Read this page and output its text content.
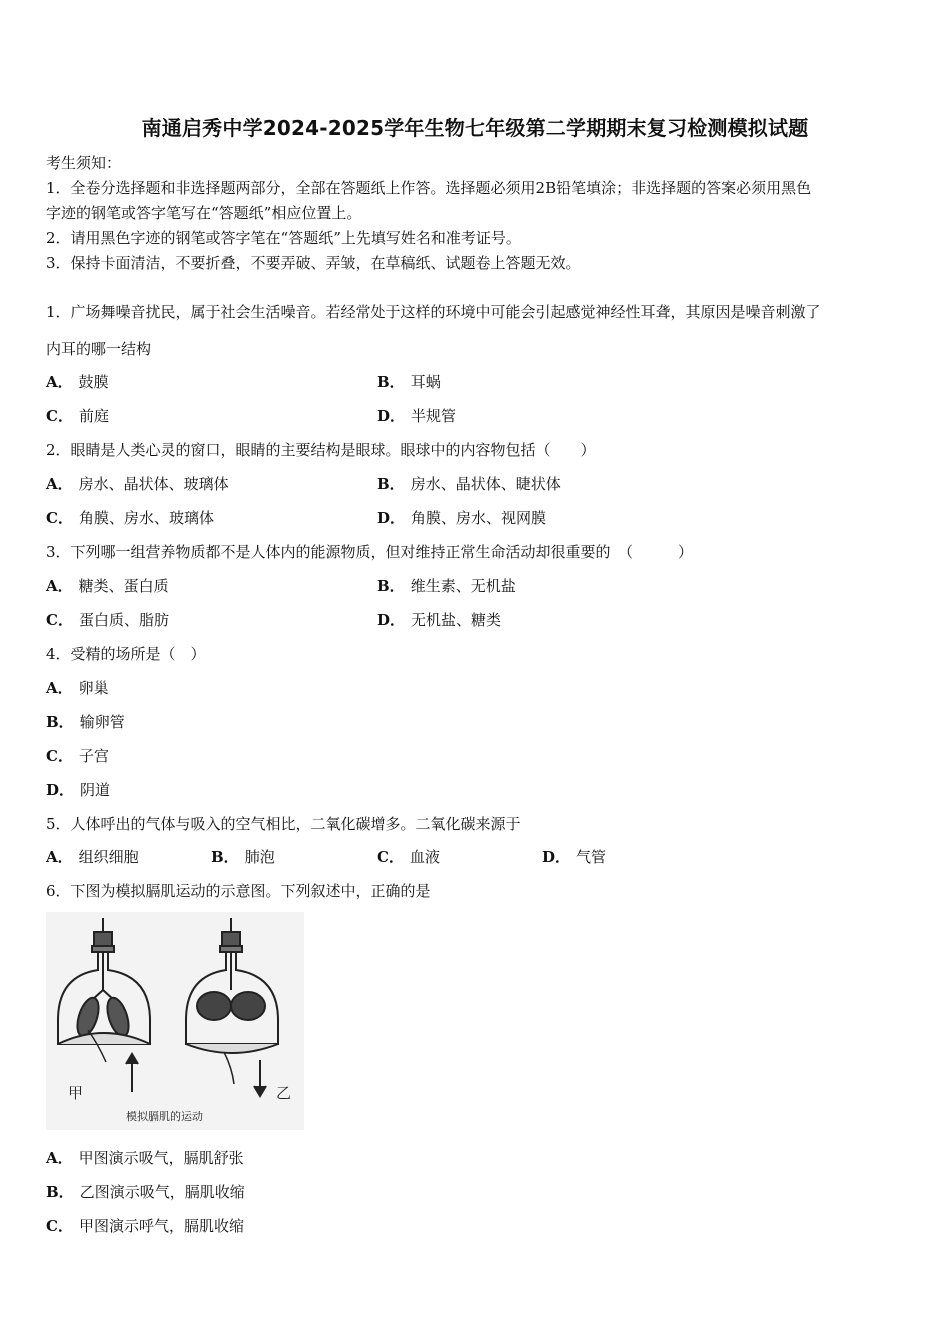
南通启秀中学2024-2025学年生物七年级第二学期期末复习检测模拟试题
考生须知：
1．全卷分选择题和非选择题两部分，全部在答题纸上作答。选择题必须用2B铅笔填涂；非选择题的答案必须用黑色
字迹的钢笔或答字笔写在“答题纸”相应位置上。
2．请用黑色字迹的钢笔或答字笔在“答题纸”上先填写姓名和准考证号。
3．保持卡面清洁，不要折叠，不要弄破、弄皱，在草稿纸、试题卷上答题无效。
1．广场舞噪音扰民，属于社会生活噪音。若经常处于这样的环境中可能会引起感觉神经性耳聋，其原因是噪音刺激了
内耳的哪一结构
A． 鼓膜	B． 耳蜗
C． 前庭	D． 半规管
2．眼睛是人类心灵的窗口，眼睛的主要结构是眼球。眼球中的内容物包括（　　）
A． 房水、晶状体、玻璃体	B． 房水、晶状体、睫状体
C． 角膜、房水、玻璃体	D． 角膜、房水、视网膜
3．下列哪一组营养物质都不是人体内的能源物质，但对维持正常生命活动却很重要的　（　　　）
A． 糖类、蛋白质	B． 维生素、无机盐
C． 蛋白质、脂肪	D． 无机盐、糖类
4．受精的场所是（　）
A． 卵巢
B． 输卵管
C． 子宫
D． 阴道
5．人体呼出的气体与吸入的空气相比，二氧化碳增多。二氧化碳来源于
A． 组织细胞	B． 肺泡	C． 血液	D． 气管
6．下图为模拟膈肌运动的示意图。下列叙述中，正确的是
甲	乙
模拟膈肌的运动
A． 甲图演示吸气，膈肌舒张
B． 乙图演示吸气，膈肌收缩
C． 甲图演示呼气，膈肌收缩
